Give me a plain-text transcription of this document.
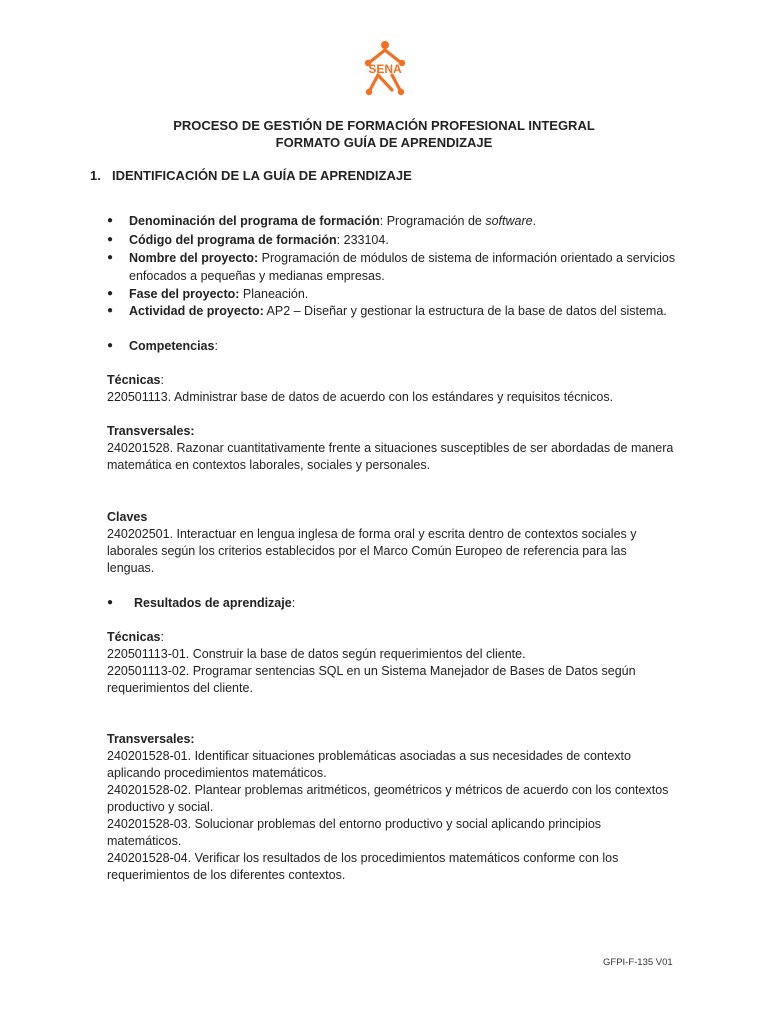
SENA
PROCESO DE GESTIÓN DE FORMACIÓN PROFESIONAL INTEGRAL
FORMATO GUÍA DE APRENDIZAJE
1. IDENTIFICACIÓN DE LA GUÍA DE APRENDIZAJE
●	Denominación del programa de formación: Programación de software.
●	Código del programa de formación: 233104.
●	Nombre del proyecto: Programación de módulos de sistema de información orientado a servicios enfocados a pequeñas y medianas empresas.
●	Fase del proyecto: Planeación.
●	Actividad de proyecto: AP2 – Diseñar y gestionar la estructura de la base de datos del sistema.
●	Competencias:
Técnicas:
220501113. Administrar base de datos de acuerdo con los estándares y requisitos técnicos.
Transversales:
240201528. Razonar cuantitativamente frente a situaciones susceptibles de ser abordadas de manera matemática en contextos laborales, sociales y personales.
Claves
240202501. Interactuar en lengua inglesa de forma oral y escrita dentro de contextos sociales y laborales según los criterios establecidos por el Marco Común Europeo de referencia para las lenguas.
●	Resultados de aprendizaje:
Técnicas:
220501113-01. Construir la base de datos según requerimientos del cliente.
220501113-02. Programar sentencias SQL en un Sistema Manejador de Bases de Datos según requerimientos del cliente.
Transversales:
240201528-01. Identificar situaciones problemáticas asociadas a sus necesidades de contexto aplicando procedimientos matemáticos.
240201528-02. Plantear problemas aritméticos, geométricos y métricos de acuerdo con los contextos productivo y social.
240201528-03. Solucionar problemas del entorno productivo y social aplicando principios matemáticos.
240201528-04. Verificar los resultados de los procedimientos matemáticos conforme con los requerimientos de los diferentes contextos.
GFPI-F-135 V01
